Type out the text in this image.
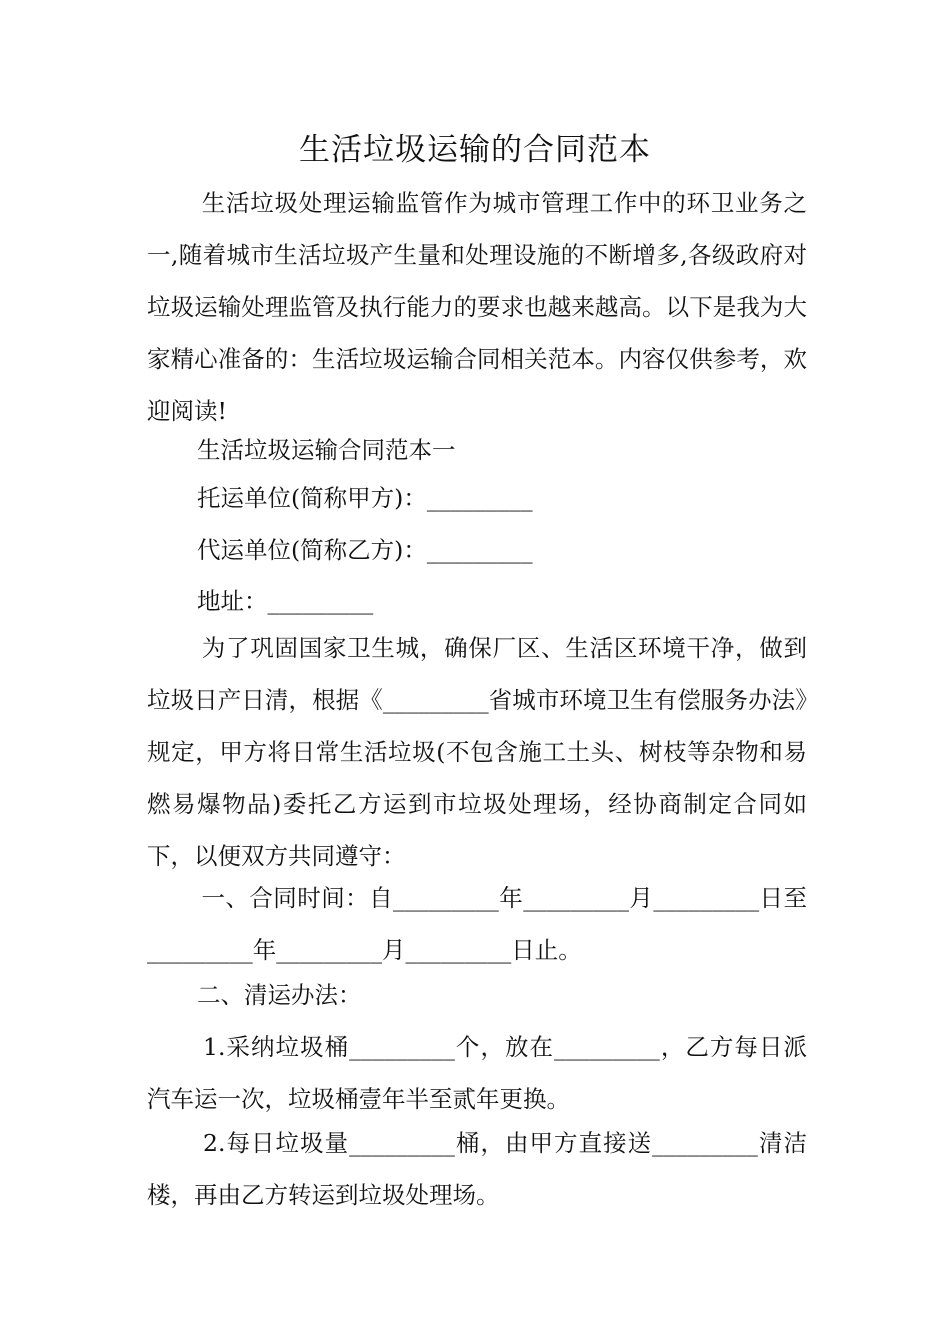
生活垃圾运输的合同范本
生活垃圾处理运输监管作为城市管理工作中的环卫业务之一,随着城市生活垃圾产生量和处理设施的不断增多,各级政府对垃圾运输处理监管及执行能力的要求也越来越高。以下是我为大家精心准备的：生活垃圾运输合同相关范本。内容仅供参考，欢迎阅读!
生活垃圾运输合同范本一
托运单位(简称甲方)：_________
代运单位(简称乙方)：_________
地址：_________
为了巩固国家卫生城，确保厂区、生活区环境干净，做到垃圾日产日清，根据《_________省城市环境卫生有偿服务办法》规定，甲方将日常生活垃圾(不包含施工土头、树枝等杂物和易燃易爆物品)委托乙方运到市垃圾处理场，经协商制定合同如下，以便双方共同遵守：
一、合同时间：自_________年_________月_________日至_________年_________月_________日止。
二、清运办法：
1.采纳垃圾桶_________个，放在_________，乙方每日派汽车运一次，垃圾桶壹年半至贰年更换。
2.每日垃圾量_________桶，由甲方直接送_________清洁楼，再由乙方转运到垃圾处理场。
